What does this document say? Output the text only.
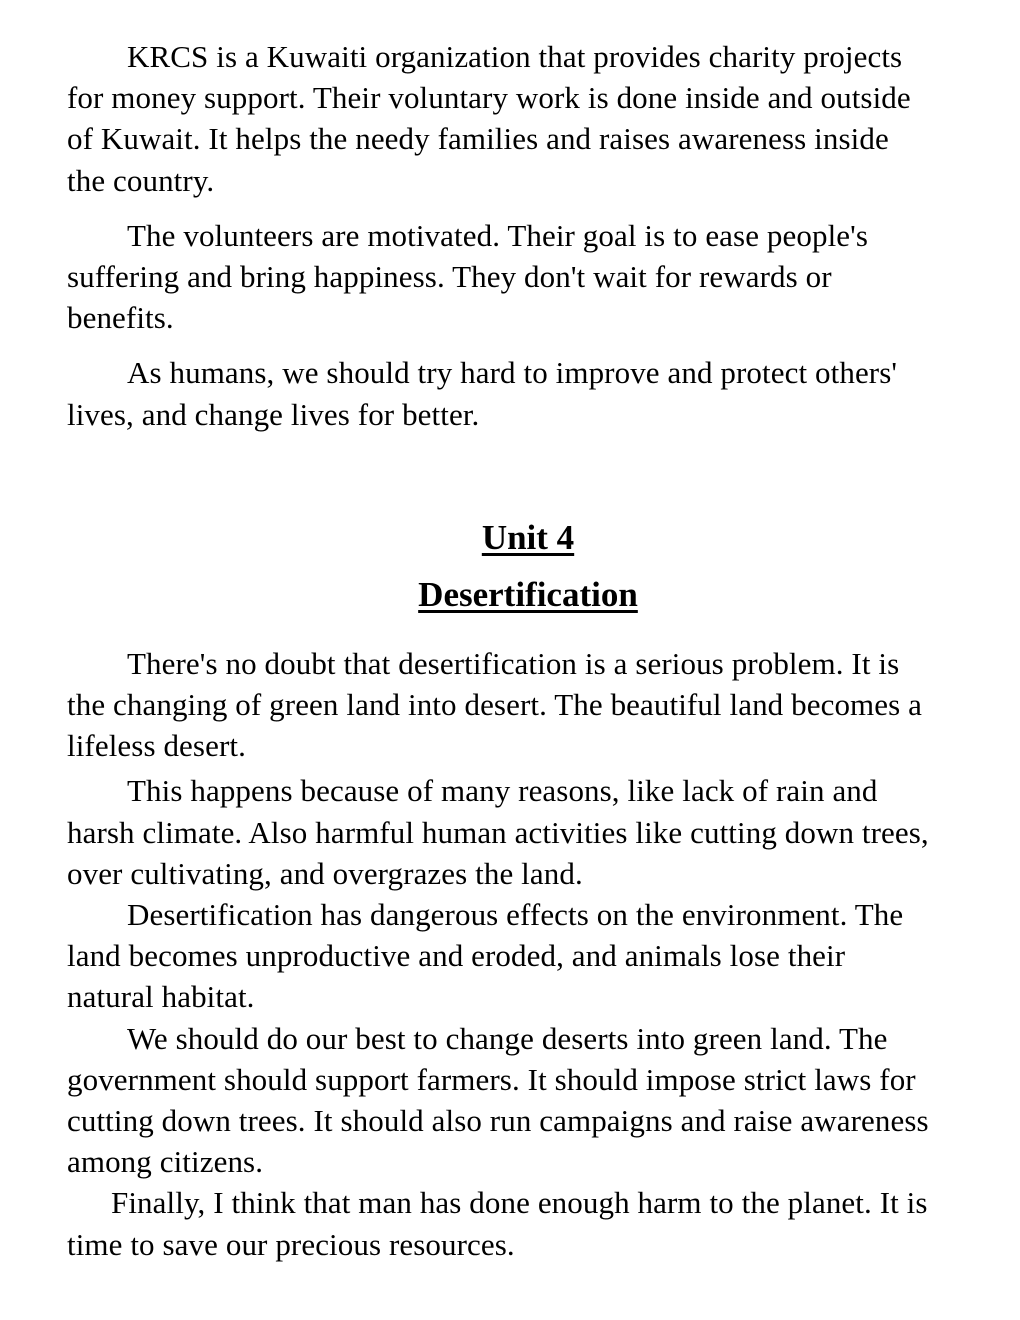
KRCS is a Kuwaiti organization that provides charity projects
for money support. Their voluntary work is done inside and outside
of Kuwait. It helps the needy families and raises awareness inside
the country.

The volunteers are motivated. Their goal is to ease people's
suffering and bring happiness. They don't wait for rewards or
benefits.

As humans, we should try hard to improve and protect others'
lives, and change lives for better.

Unit 4
Desertification

There's no doubt that desertification is a serious problem. It is
the changing of green land into desert. The beautiful land becomes a
lifeless desert.

This happens because of many reasons, like lack of rain and
harsh climate. Also harmful human activities like cutting down trees,
over cultivating, and overgrazes the land.

Desertification has dangerous effects on the environment. The
land becomes unproductive and eroded, and animals lose their
natural habitat.

We should do our best to change deserts into green land. The
government should support farmers. It should impose strict laws for
cutting down trees. It should also run campaigns and raise awareness
among citizens.

Finally, I think that man has done enough harm to the planet. It is
time to save our precious resources.
